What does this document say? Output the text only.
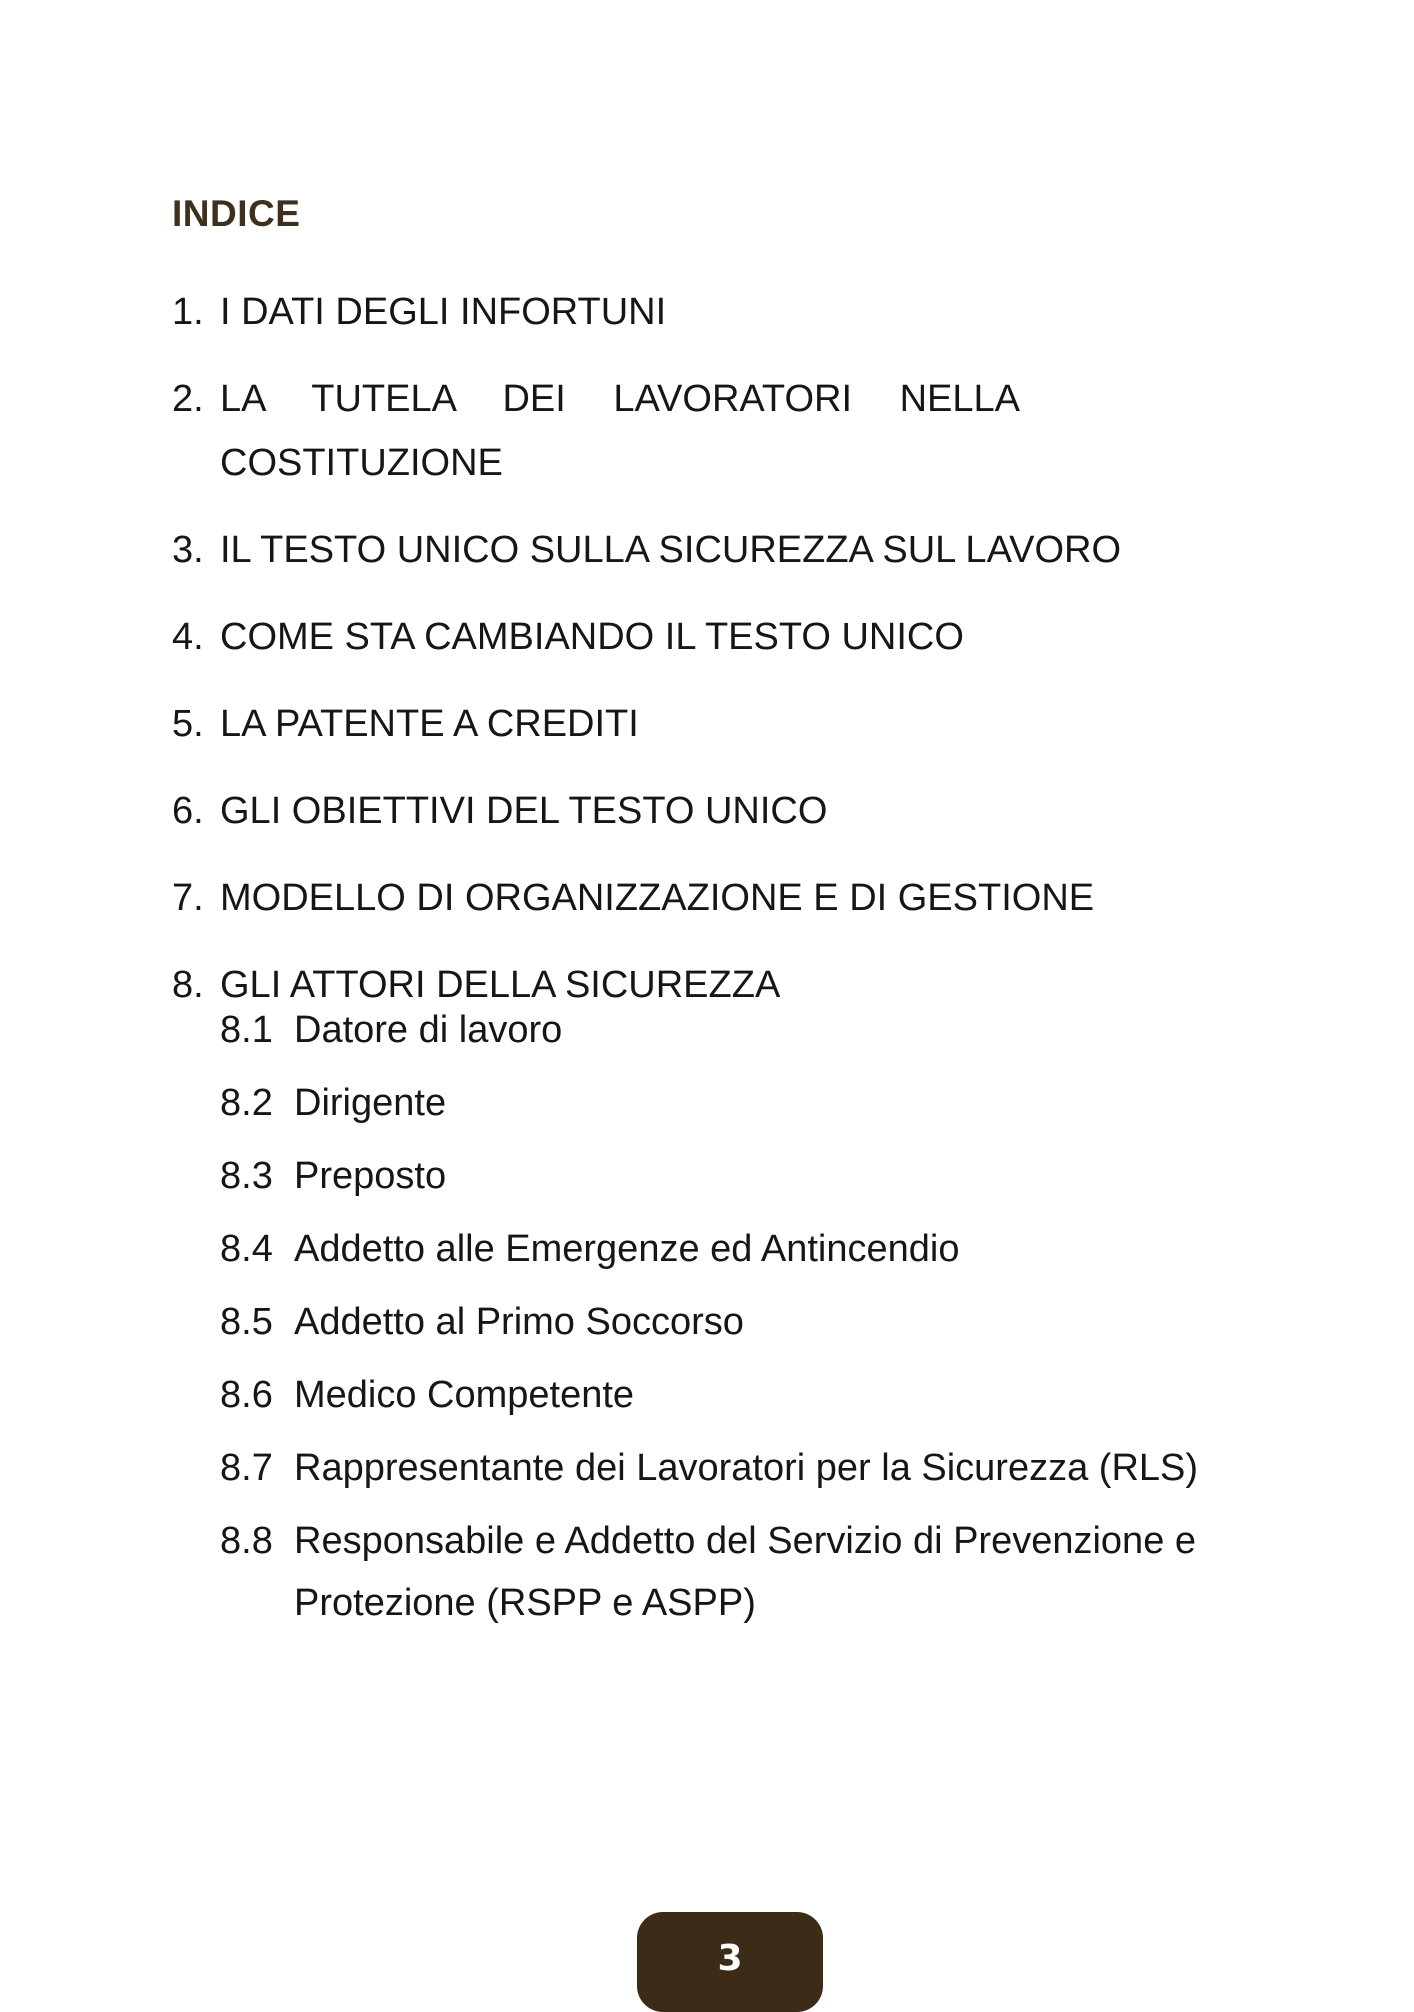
INDICE
1. I DATI DEGLI INFORTUNI
2. LA TUTELA DEI LAVORATORI NELLA COSTITUZIONE
3. IL TESTO UNICO SULLA SICUREZZA SUL LAVORO
4. COME STA CAMBIANDO IL TESTO UNICO
5. LA PATENTE A CREDITI
6. GLI OBIETTIVI DEL TESTO UNICO
7. MODELLO DI ORGANIZZAZIONE E DI GESTIONE
8. GLI ATTORI DELLA SICUREZZA
8.1 Datore di lavoro
8.2 Dirigente
8.3 Preposto
8.4 Addetto alle Emergenze ed Antincendio
8.5 Addetto al Primo Soccorso
8.6 Medico Competente
8.7 Rappresentante dei Lavoratori per la Sicurezza (RLS)
8.8 Responsabile e Addetto del Servizio di Prevenzione e Protezione (RSPP e ASPP)
3
